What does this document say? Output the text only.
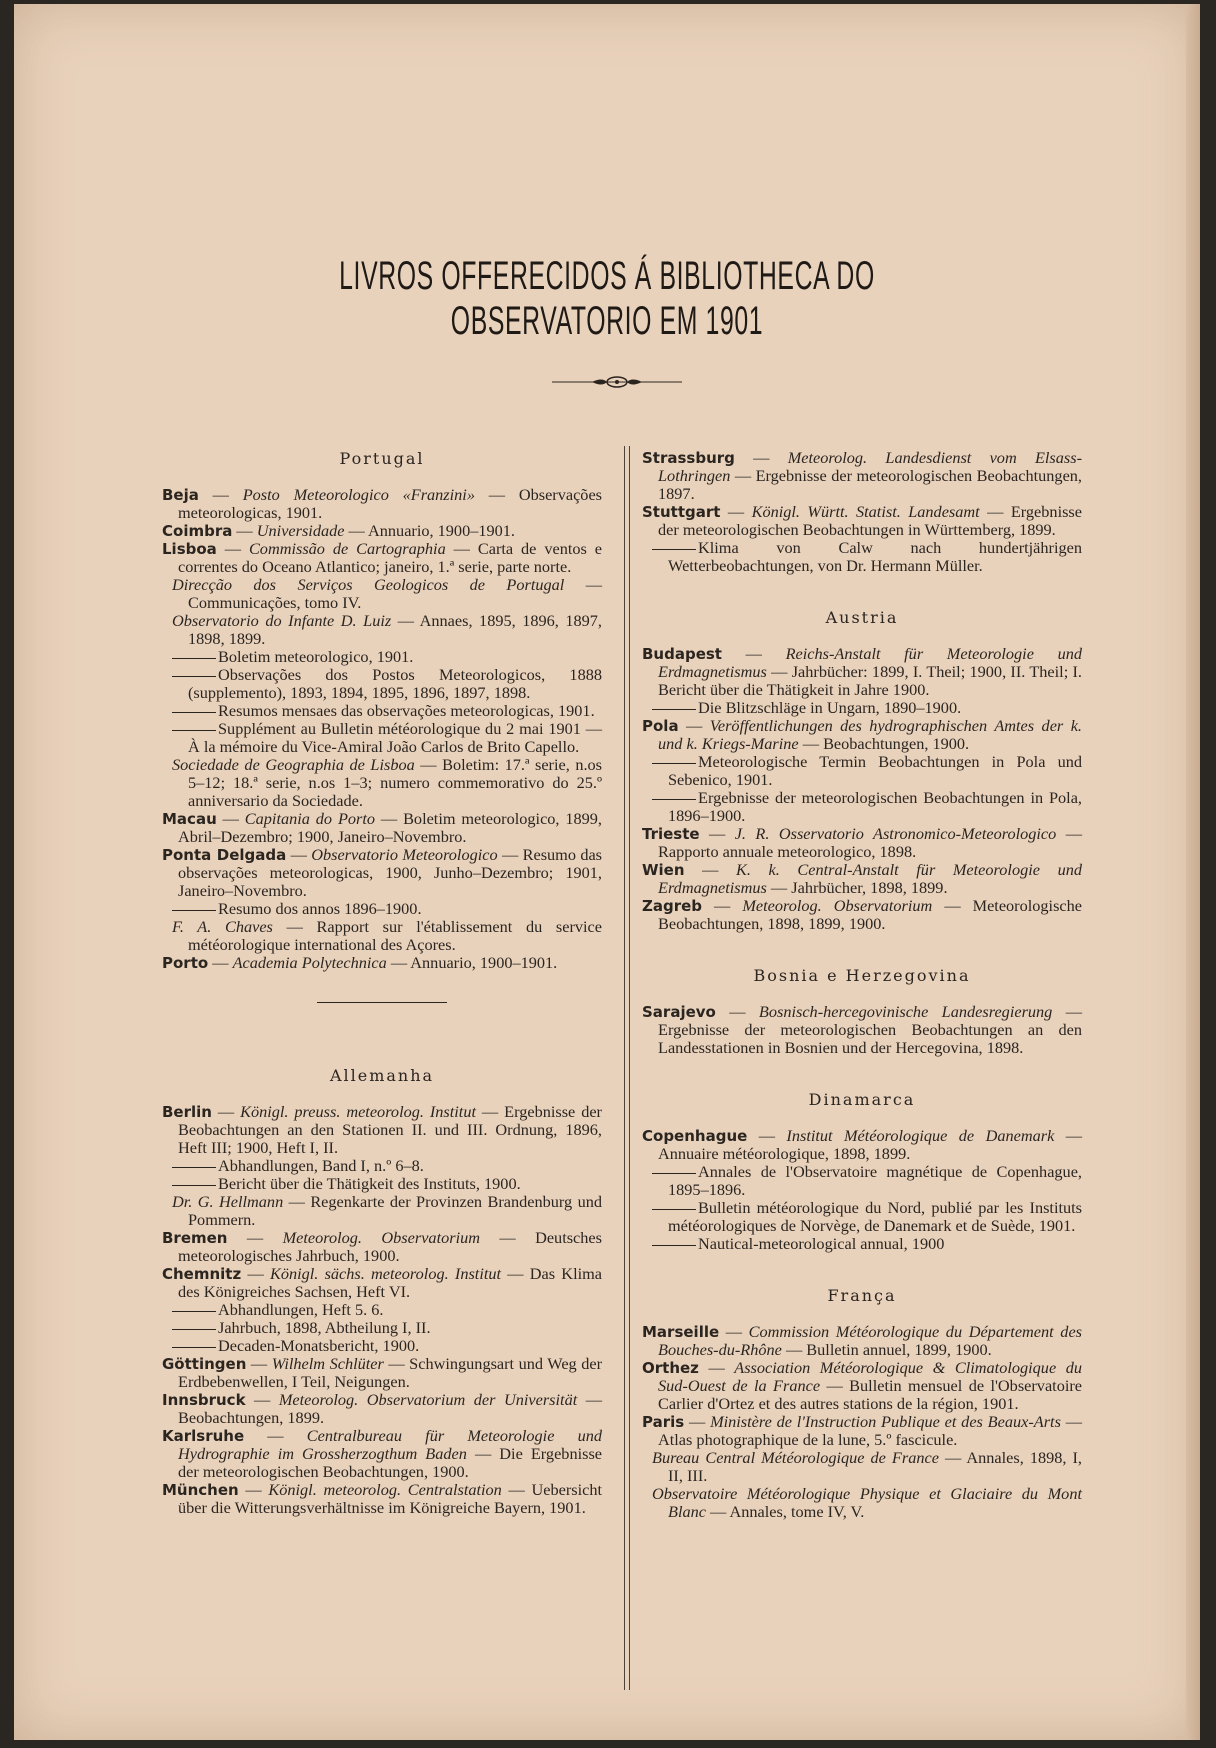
LIVROS OFFERECIDOS Á BIBLIOTHECA DO OBSERVATORIO EM 1901
Portugal
Beja — Posto Meteorologico «Franzini» — Observações meteorologicas, 1901.
Coimbra — Universidade — Annuario, 1900–1901.
Lisboa — Commissão de Cartographia — Carta de ventos e correntes do Oceano Atlantico; janeiro, 1.ª serie, parte norte.
Direcção dos Serviços Geologicos de Portugal — Communicações, tomo IV.
Observatorio do Infante D. Luiz — Annaes, 1895, 1896, 1897, 1898, 1899.
Boletim meteorologico, 1901.
Observações dos Postos Meteorologicos, 1888 (supplemento), 1893, 1894, 1895, 1896, 1897, 1898.
Resumos mensaes das observações meteorologicas, 1901.
Supplément au Bulletin météorologique du 2 mai 1901 — À la mémoire du Vice-Amiral João Carlos de Brito Capello.
Sociedade de Geographia de Lisboa — Boletim: 17.ª serie, n.os 5–12; 18.ª serie, n.os 1–3; numero commemorativo do 25.º anniversario da Sociedade.
Macau — Capitania do Porto — Boletim meteorologico, 1899, Abril–Dezembro; 1900, Janeiro–Novembro.
Ponta Delgada — Observatorio Meteorologico — Resumo das observações meteorologicas, 1900, Junho–Dezembro; 1901, Janeiro–Novembro.
Resumo dos annos 1896–1900.
F. A. Chaves — Rapport sur l'établissement du service météorologique international des Açores.
Porto — Academia Polytechnica — Annuario, 1900–1901.
Allemanha
Berlin — Königl. preuss. meteorolog. Institut — Ergebnisse der Beobachtungen an den Stationen II. und III. Ordnung, 1896, Heft III; 1900, Heft I, II.
Abhandlungen, Band I, n.º 6–8.
Bericht über die Thätigkeit des Instituts, 1900.
Dr. G. Hellmann — Regenkarte der Provinzen Brandenburg und Pommern.
Bremen — Meteorolog. Observatorium — Deutsches meteorologisches Jahrbuch, 1900.
Chemnitz — Königl. sächs. meteorolog. Institut — Das Klima des Königreiches Sachsen, Heft VI.
Abhandlungen, Heft 5. 6.
Jahrbuch, 1898, Abtheilung I, II.
Decaden-Monatsbericht, 1900.
Göttingen — Wilhelm Schlüter — Schwingungsart und Weg der Erdbebenwellen, I Teil, Neigungen.
Innsbruck — Meteorolog. Observatorium der Universität — Beobachtungen, 1899.
Karlsruhe — Centralbureau für Meteorologie und Hydrographie im Grossherzogthum Baden — Die Ergebnisse der meteorologischen Beobachtungen, 1900.
München — Königl. meteorolog. Centralstation — Uebersicht über die Witterungsverhältnisse im Königreiche Bayern, 1901.
Strassburg — Meteorolog. Landesdienst vom Elsass-Lothringen — Ergebnisse der meteorologischen Beobachtungen, 1897.
Stuttgart — Königl. Württ. Statist. Landesamt — Ergebnisse der meteorologischen Beobachtungen in Württemberg, 1899.
Klima von Calw nach hundertjährigen Wetterbeobachtungen, von Dr. Hermann Müller.
Austria
Budapest — Reichs-Anstalt für Meteorologie und Erdmagnetismus — Jahrbücher: 1899, I. Theil; 1900, II. Theil; I. Bericht über die Thätigkeit in Jahre 1900.
Die Blitzschläge in Ungarn, 1890–1900.
Pola — Veröffentlichungen des hydrographischen Amtes der k. und k. Kriegs-Marine — Beobachtungen, 1900.
Meteorologische Termin Beobachtungen in Pola und Sebenico, 1901.
Ergebnisse der meteorologischen Beobachtungen in Pola, 1896–1900.
Trieste — J. R. Osservatorio Astronomico-Meteorologico — Rapporto annuale meteorologico, 1898.
Wien — K. k. Central-Anstalt für Meteorologie und Erdmagnetismus — Jahrbücher, 1898, 1899.
Zagreb — Meteorolog. Observatorium — Meteorologische Beobachtungen, 1898, 1899, 1900.
Bosnia e Herzegovina
Sarajevo — Bosnisch-hercegovinische Landesregierung — Ergebnisse der meteorologischen Beobachtungen an den Landesstationen in Bosnien und der Hercegovina, 1898.
Dinamarca
Copenhague — Institut Météorologique de Danemark — Annuaire météorologique, 1898, 1899.
Annales de l'Observatoire magnétique de Copenhague, 1895–1896.
Bulletin météorologique du Nord, publié par les Instituts météorologiques de Norvège, de Danemark et de Suède, 1901.
Nautical-meteorological annual, 1900
França
Marseille — Commission Météorologique du Département des Bouches-du-Rhône — Bulletin annuel, 1899, 1900.
Orthez — Association Météorologique & Climatologique du Sud-Ouest de la France — Bulletin mensuel de l'Observatoire Carlier d'Ortez et des autres stations de la région, 1901.
Paris — Ministère de l'Instruction Publique et des Beaux-Arts — Atlas photographique de la lune, 5.º fascicule.
Bureau Central Météorologique de France — Annales, 1898, I, II, III.
Observatoire Météorologique Physique et Glaciaire du Mont Blanc — Annales, tome IV, V.
